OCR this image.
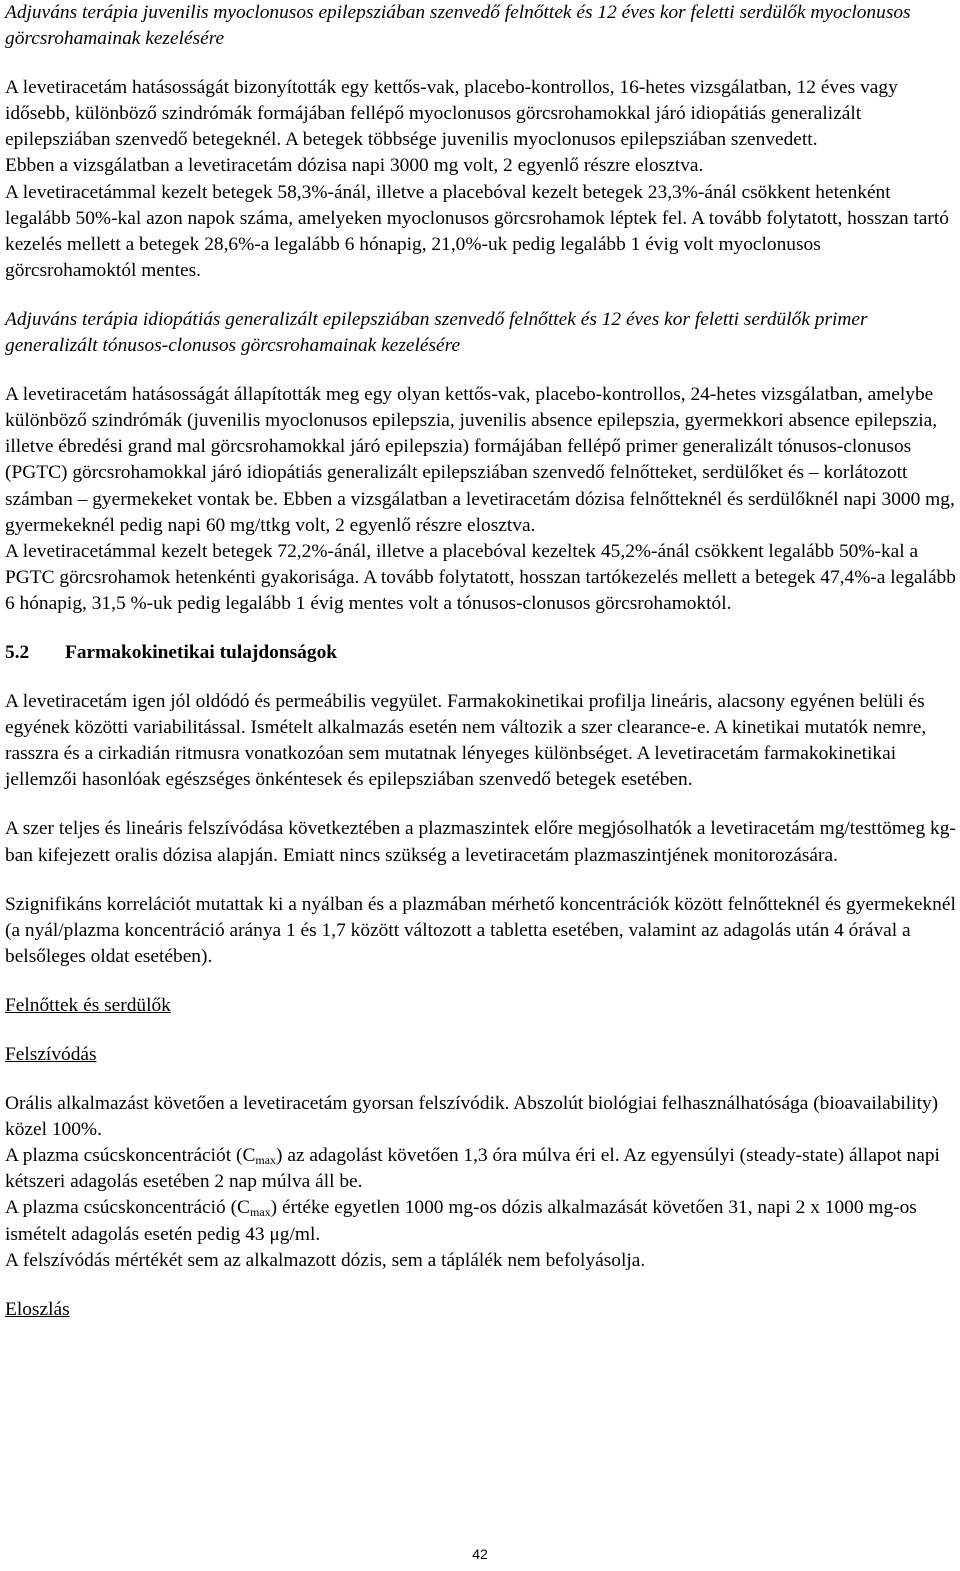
Adjuváns terápia juvenilis myoclonusos epilepsziában szenvedő felnőttek és 12 éves kor feletti serdülők myoclonusos görcsrohamainak kezelésére

A levetiracetám hatásosságát bizonyították egy kettős-vak, placebo-kontrollos, 16-hetes vizsgálatban, 12 éves vagy idősebb, különböző szindrómák formájában fellépő myoclonusos görcsrohamokkal járó idiopátiás generalizált epilepsziában szenvedő betegeknél. A betegek többsége juvenilis myoclonusos epilepsziában szenvedett.

Ebben a vizsgálatban a levetiracetám dózisa napi 3000 mg volt, 2 egyenlő részre elosztva.

A levetiracetámmal kezelt betegek 58,3%-ánál, illetve a placebóval kezelt betegek 23,3%-ánál csökkent hetenként legalább 50%-kal azon napok száma, amelyeken myoclonusos görcsrohamok léptek fel. A tovább folytatott, hosszan tartó kezelés mellett a betegek 28,6%-a legalább 6 hónapig, 21,0%-uk pedig legalább 1 évig volt myoclonusos görcsrohamoktól mentes.

Adjuváns terápia idiopátiás generalizált epilepsziában szenvedő felnőttek és 12 éves kor feletti serdülők primer generalizált tónusos-clonusos görcsrohamainak kezelésére

A levetiracetám hatásosságát állapították meg egy olyan kettős-vak, placebo-kontrollos, 24-hetes vizsgálatban, amelybe különböző szindrómák (juvenilis myoclonusos epilepszia, juvenilis absence epilepszia, gyermekkori absence epilepszia, illetve ébredési grand mal görcsrohamokkal járó epilepszia) formájában fellépő primer generalizált tónusos-clonusos (PGTC) görcsrohamokkal járó idiopátiás generalizált epilepsziában szenvedő felnőtteket, serdülőket és – korlátozott számban – gyermekeket vontak be. Ebben a vizsgálatban a levetiracetám dózisa felnőtteknél és serdülőknél napi 3000 mg, gyermekeknél pedig napi 60 mg/ttkg volt, 2 egyenlő részre elosztva.

A levetiracetámmal kezelt betegek 72,2%-ánál, illetve a placebóval kezeltek 45,2%-ánál csökkent legalább 50%-kal a PGTC görcsrohamok hetenkénti gyakorisága. A tovább folytatott, hosszan tartókezelés mellett a betegek 47,4%-a legalább 6 hónapig, 31,5 %-uk pedig legalább 1 évig mentes volt a tónusos-clonusos görcsrohamoktól.

5.2 Farmakokinetikai tulajdonságok

A levetiracetám igen jól oldódó és permeábilis vegyület. Farmakokinetikai profilja lineáris, alacsony egyénen belüli és egyének közötti variabilitással. Ismételt alkalmazás esetén nem változik a szer clearance-e. A kinetikai mutatók nemre, rasszra és a cirkadián ritmusra vonatkozóan sem mutatnak lényeges különbséget. A levetiracetám farmakokinetikai jellemzői hasonlóak egészséges önkéntesek és epilepsziában szenvedő betegek esetében.

A szer teljes és lineáris felszívódása következtében a plazmaszintek előre megjósolhatók a levetiracetám mg/testtömeg kg-ban kifejezett oralis dózisa alapján. Emiatt nincs szükség a levetiracetám plazmaszintjének monitorozására.

Szignifikáns korrelációt mutattak ki a nyálban és a plazmában mérhető koncentrációk között felnőtteknél és gyermekeknél (a nyál/plazma koncentráció aránya 1 és 1,7 között változott a tabletta esetében, valamint az adagolás után 4 órával a belsőleges oldat esetében).

Felnőttek és serdülők

Felszívódás

Orális alkalmazást követően a levetiracetám gyorsan felszívódik. Abszolút biológiai felhasználhatósága (bioavailability) közel 100%.

A plazma csúcskoncentrációt $(C_{max})$ az adagolást követően 1,3 óra múlva éri el. Az egyensúlyi (steady-state) állapot napi kétszeri adagolás esetében 2 nap múlva áll be.

A plazma csúcskoncentráció $(C_{max})$ értéke egyetlen 1000 mg-os dózis alkalmazását követően 31, napi 2 x 1000 mg-os ismételt adagolás esetén pedig 43 μg/ml.

A felszívódás mértékét sem az alkalmazott dózis, sem a táplálék nem befolyásolja.

Eloszlás

42
